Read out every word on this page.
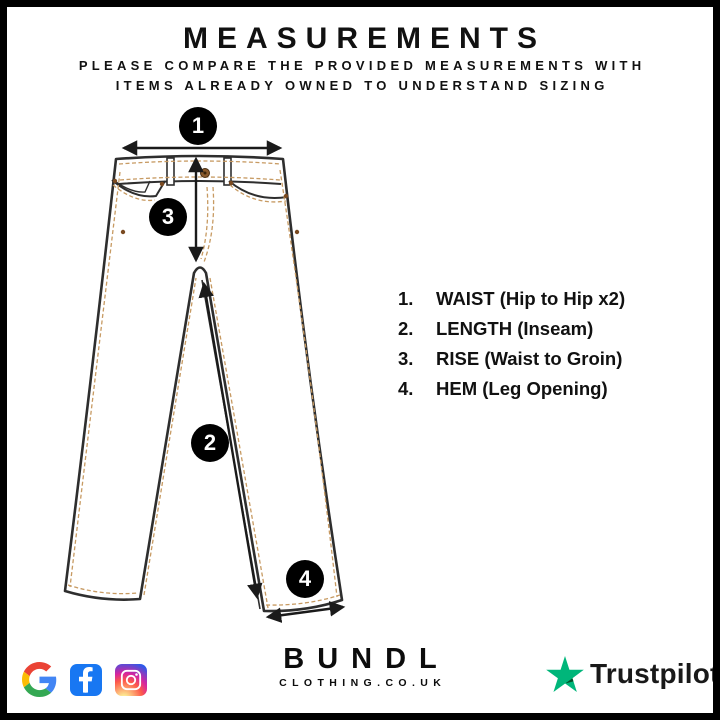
MEASUREMENTS
PLEASE COMPARE THE PROVIDED MEASUREMENTS WITH
ITEMS ALREADY OWNED TO UNDERSTAND SIZING
1
3
2
4
1.	WAIST (Hip to Hip x2)
2.	LENGTH (Inseam)
3.	RISE (Waist to Groin)
4.	HEM (Leg Opening)
BUNDL
CLOTHING.CO.UK	Trustpilot
